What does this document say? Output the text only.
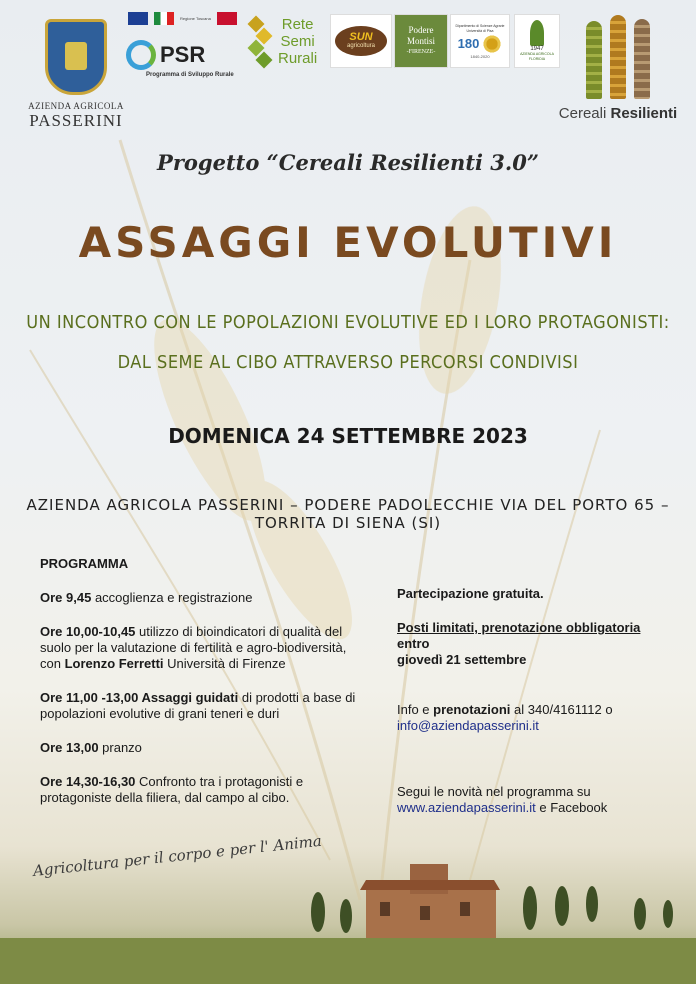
AZIENDA AGRICOLA
PASSERINI
Regione Toscana
PSR
Programma di Sviluppo Rurale
Rete
Semi
Rurali
SUN
agricoltura
Podere
Montisi
-FIRENZE-
Dipartimento di Scienze Agrarie
Università di Pisa
180
1840-2020
1947
AZIENDA AGRICOLA FLORIDIA
Cereali Resilienti
Progetto “Cereali Resilienti 3.0”
ASSAGGI EVOLUTIVI
UN INCONTRO CON LE POPOLAZIONI EVOLUTIVE ED I LORO PROTAGONISTI:
DAL SEME AL CIBO ATTRAVERSO PERCORSI CONDIVISI
DOMENICA 24 SETTEMBRE 2023
AZIENDA AGRICOLA PASSERINI – PODERE PADOLECCHIE VIA DEL PORTO 65 – TORRITA DI SIENA (SI)

PROGRAMMA

Ore 9,45 accoglienza e registrazione

Ore 10,00-10,45 utilizzo di bioindicatori di qualità del suolo per la valutazione di fertilità e agro-biodiversità, con Lorenzo Ferretti Università di Firenze

Ore 11,00 -13,00 Assaggi guidati di prodotti a base di popolazioni evolutive di grani teneri e duri

Ore 13,00 pranzo

Ore 14,30-16,30 Confronto tra i protagonisti e protagoniste della filiera, dal campo al cibo.

Partecipazione gratuita.

Posti limitati, prenotazione obbligatoria entro
giovedì 21 settembre

Info e prenotazioni al 340/4161112 o
info@aziendapasserini.it

Segui le novità nel programma su
www.aziendapasserini.it e Facebook

Agricoltura per il corpo e per l' Anima
